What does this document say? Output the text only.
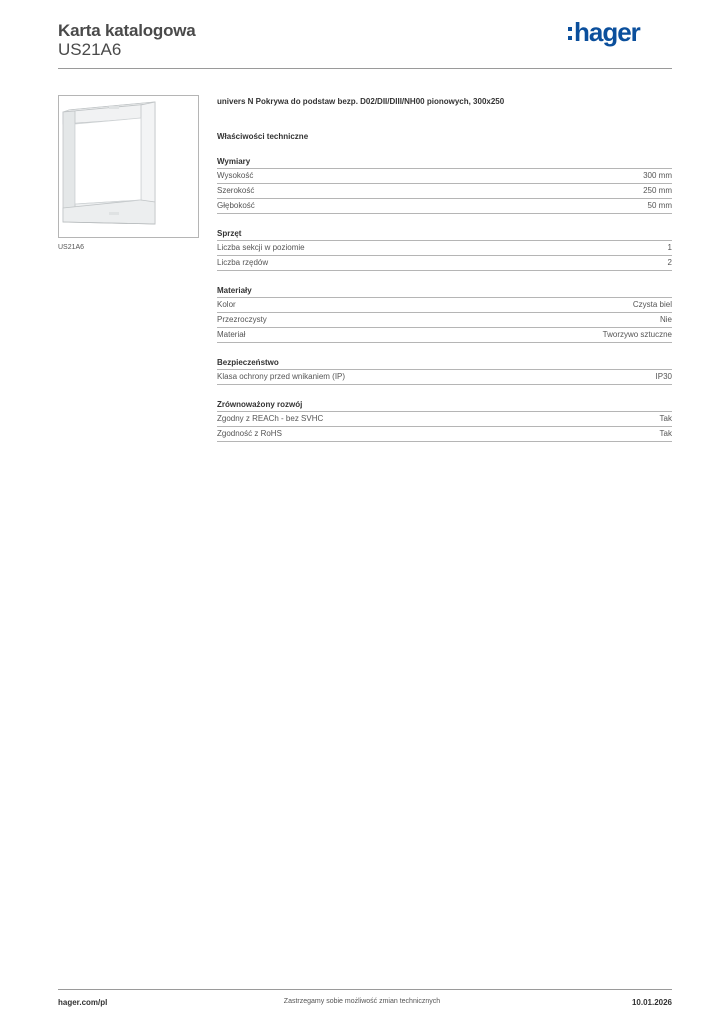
Karta katalogowa
US21A6
hager
US21A6

univers N Pokrywa do podstaw bezp. D02/DII/DIII/NH00 pionowych, 300x250

Właściwości techniczne
Wymiary
Wysokość	300 mm
Szerokość	250 mm
Głębokość	50 mm
Sprzęt
Liczba sekcji w poziomie	1
Liczba rzędów	2
Materiały
Kolor	Czysta biel
Przezroczysty	Nie
Materiał	Tworzywo sztuczne
Bezpieczeństwo
Klasa ochrony przed wnikaniem (IP)	IP30
Zrównoważony rozwój
Zgodny z REACh - bez SVHC	Tak
Zgodność z RoHS	Tak
hager.com/pl	Zastrzegamy sobie możliwość zmian technicznych	10.01.2026
